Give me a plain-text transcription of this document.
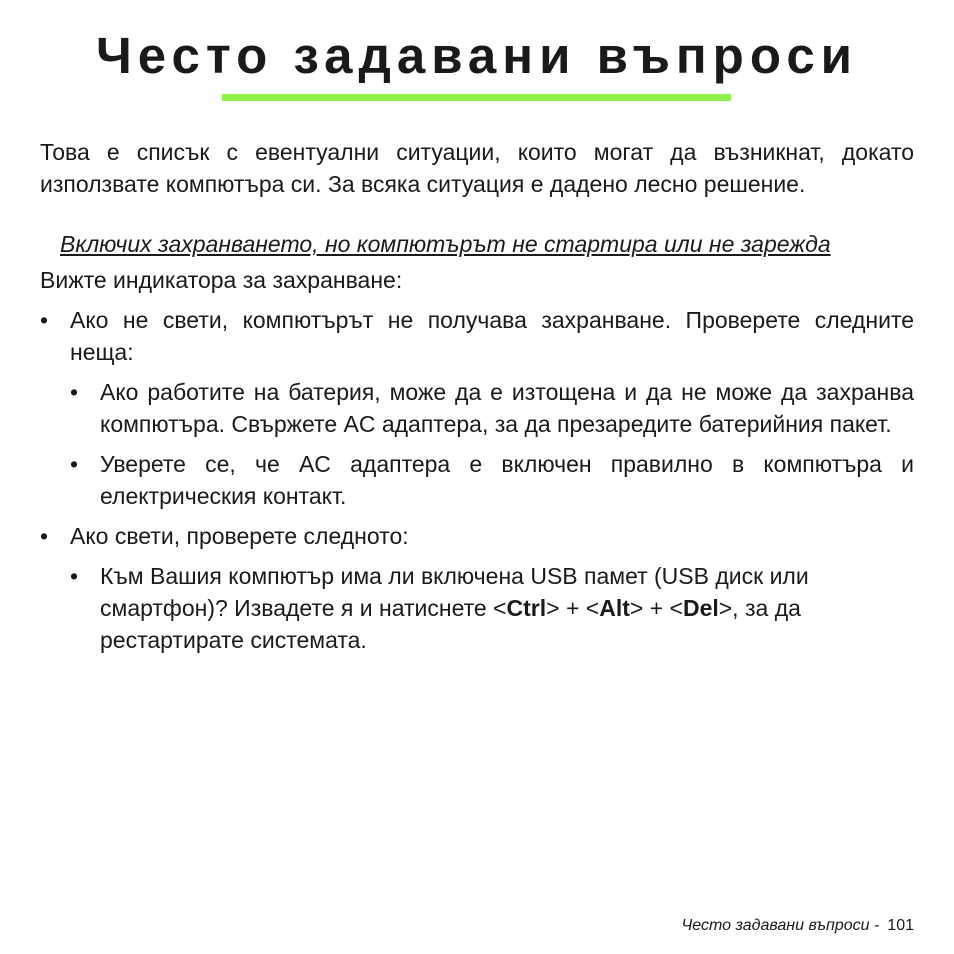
Често задавани въпроси

Това е списък с евентуални ситуации, които могат да възникнат, докато използвате компютъра си. За всяка ситуация е дадено лесно решение.

Включих захранването, но компютърът не стартира или не зарежда

Вижте индикатора за захранване:

• Ако не свети, компютърът не получава захранване. Проверете следните неща:

• Ако работите на батерия, може да е изтощена и да не може да захранва компютъра. Свържете AC адаптера, за да презаредите батерийния пакет.

• Уверете се, че AC адаптера е включен правилно в компютъра и електрическия контакт.

• Ако свети, проверете следното:

• Към Вашия компютър има ли включена USB памет (USB диск или смартфон)? Извадете я и натиснете <Ctrl> + <Alt> + <Del>, за да рестартирате системата.

Често задавани въпроси - 101
